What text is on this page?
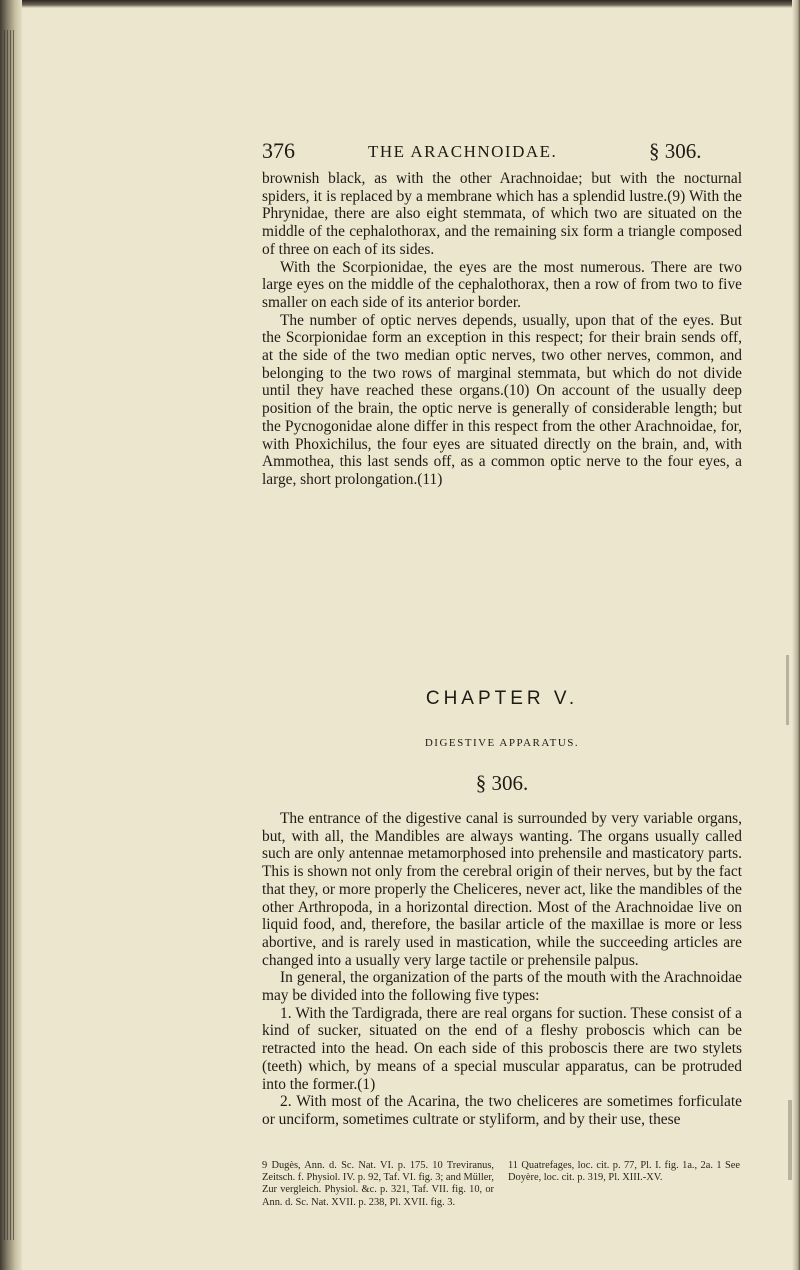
376	THE ARACHNOIDAE.	§ 306.

brownish black, as with the other Arachnoidae; but with the nocturnal spiders, it is replaced by a membrane which has a splendid lustre.(9) With the Phrynidae, there are also eight stemmata, of which two are situated on the middle of the cephalothorax, and the remaining six form a triangle composed of three on each of its sides.

With the Scorpionidae, the eyes are the most numerous. There are two large eyes on the middle of the cephalothorax, then a row of from two to five smaller on each side of its anterior border.

The number of optic nerves depends, usually, upon that of the eyes. But the Scorpionidae form an exception in this respect; for their brain sends off, at the side of the two median optic nerves, two other nerves, common, and belonging to the two rows of marginal stemmata, but which do not divide until they have reached these organs.(10) On account of the usually deep position of the brain, the optic nerve is generally of considerable length; but the Pycnogonidae alone differ in this respect from the other Arachnoidae, for, with Phoxichilus, the four eyes are situated directly on the brain, and, with Ammothea, this last sends off, as a common optic nerve to the four eyes, a large, short prolongation.(11)

CHAPTER V.
DIGESTIVE APPARATUS.
§ 306.

The entrance of the digestive canal is surrounded by very variable organs, but, with all, the Mandibles are always wanting. The organs usually called such are only antennae metamorphosed into prehensile and masticatory parts. This is shown not only from the cerebral origin of their nerves, but by the fact that they, or more properly the Cheliceres, never act, like the mandibles of the other Arthropoda, in a horizontal direction. Most of the Arachnoidae live on liquid food, and, therefore, the basilar article of the maxillae is more or less abortive, and is rarely used in mastication, while the succeeding articles are changed into a usually very large tactile or prehensile palpus.

In general, the organization of the parts of the mouth with the Arachnoidae may be divided into the following five types:

1. With the Tardigrada, there are real organs for suction. These consist of a kind of sucker, situated on the end of a fleshy proboscis which can be retracted into the head. On each side of this proboscis there are two stylets (teeth) which, by means of a special muscular apparatus, can be protruded into the former.(1)

2. With most of the Acarina, the two cheliceres are sometimes forficulate or unciform, sometimes cultrate or styliform, and by their use, these

9 Dugès, Ann. d. Sc. Nat. VI. p. 175. 10 Treviranus, Zeitsch. f. Physiol. IV. p. 92, Taf. VI. fig. 3; and Müller, Zur vergleich. Physiol. &c. p. 321, Taf. VII. fig. 10, or Ann. d. Sc. Nat. XVII. p. 238, Pl. XVII. fig. 3.

11 Quatrefages, loc. cit. p. 77, Pl. I. fig. 1a., 2a. 1 See Doyère, loc. cit. p. 319, Pl. XIII.-XV.
